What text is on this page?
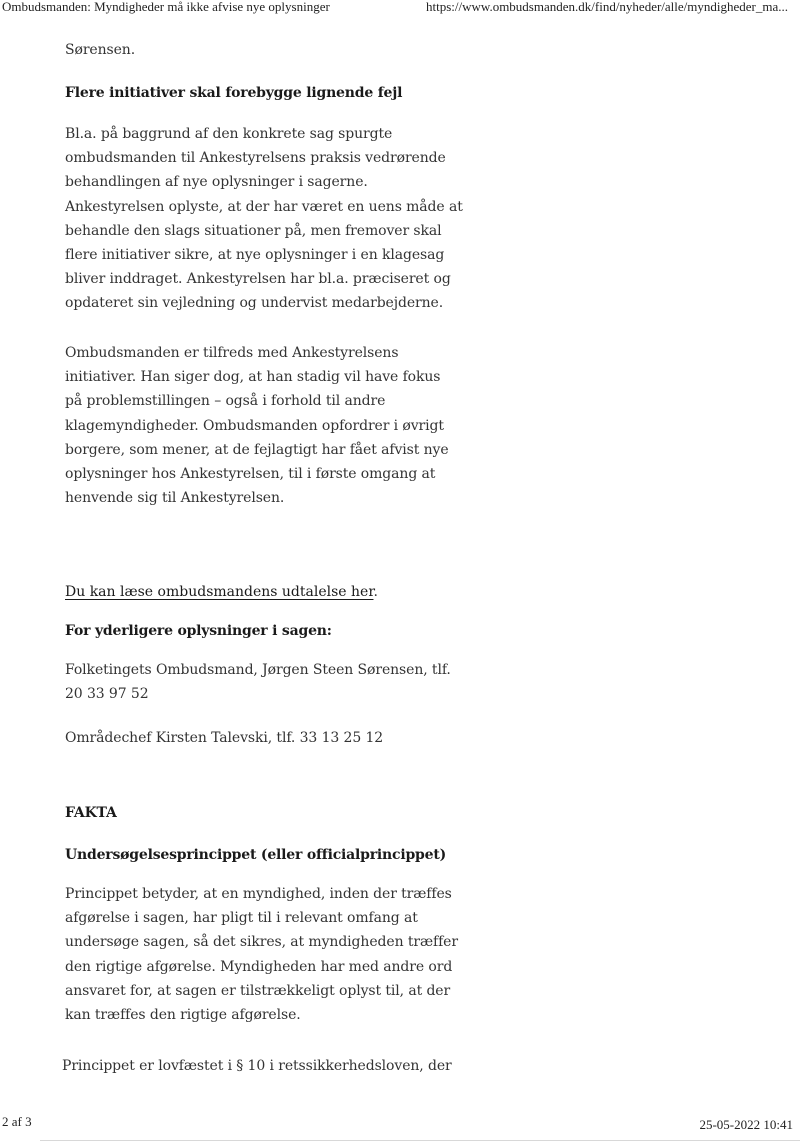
Ombudsmanden: Myndigheder må ikke afvise nye oplysninger	https://www.ombudsmanden.dk/find/nyheder/alle/myndigheder_ma...

Sørensen.

Flere initiativer skal forebygge lignende fejl

Bl.a. på baggrund af den konkrete sag spurgte
ombudsmanden til Ankestyrelsens praksis vedrørende
behandlingen af nye oplysninger i sagerne.
Ankestyrelsen oplyste, at der har været en uens måde at
behandle den slags situationer på, men fremover skal
flere initiativer sikre, at nye oplysninger i en klagesag
bliver inddraget. Ankestyrelsen har bl.a. præciseret og
opdateret sin vejledning og undervist medarbejderne.

Ombudsmanden er tilfreds med Ankestyrelsens
initiativer. Han siger dog, at han stadig vil have fokus
på problemstillingen – også i forhold til andre
klagemyndigheder. Ombudsmanden opfordrer i øvrigt
borgere, som mener, at de fejlagtigt har fået afvist nye
oplysninger hos Ankestyrelsen, til i første omgang at
henvende sig til Ankestyrelsen.

Du kan læse ombudsmandens udtalelse her.
For yderligere oplysninger i sagen:

Folketingets Ombudsmand, Jørgen Steen Sørensen, tlf.
20 33 97 52

Områdechef Kirsten Talevski, tlf. 33 13 25 12

FAKTA
Undersøgelsesprincippet (eller officialprincippet)

Princippet betyder, at en myndighed, inden der træffes
afgørelse i sagen, har pligt til i relevant omfang at
undersøge sagen, så det sikres, at myndigheden træffer
den rigtige afgørelse. Myndigheden har med andre ord
ansvaret for, at sagen er tilstrækkeligt oplyst til, at der
kan træffes den rigtige afgørelse.

Princippet er lovfæstet i § 10 i retssikkerhedsloven, der

2 af 3	25-05-2022 10:41
